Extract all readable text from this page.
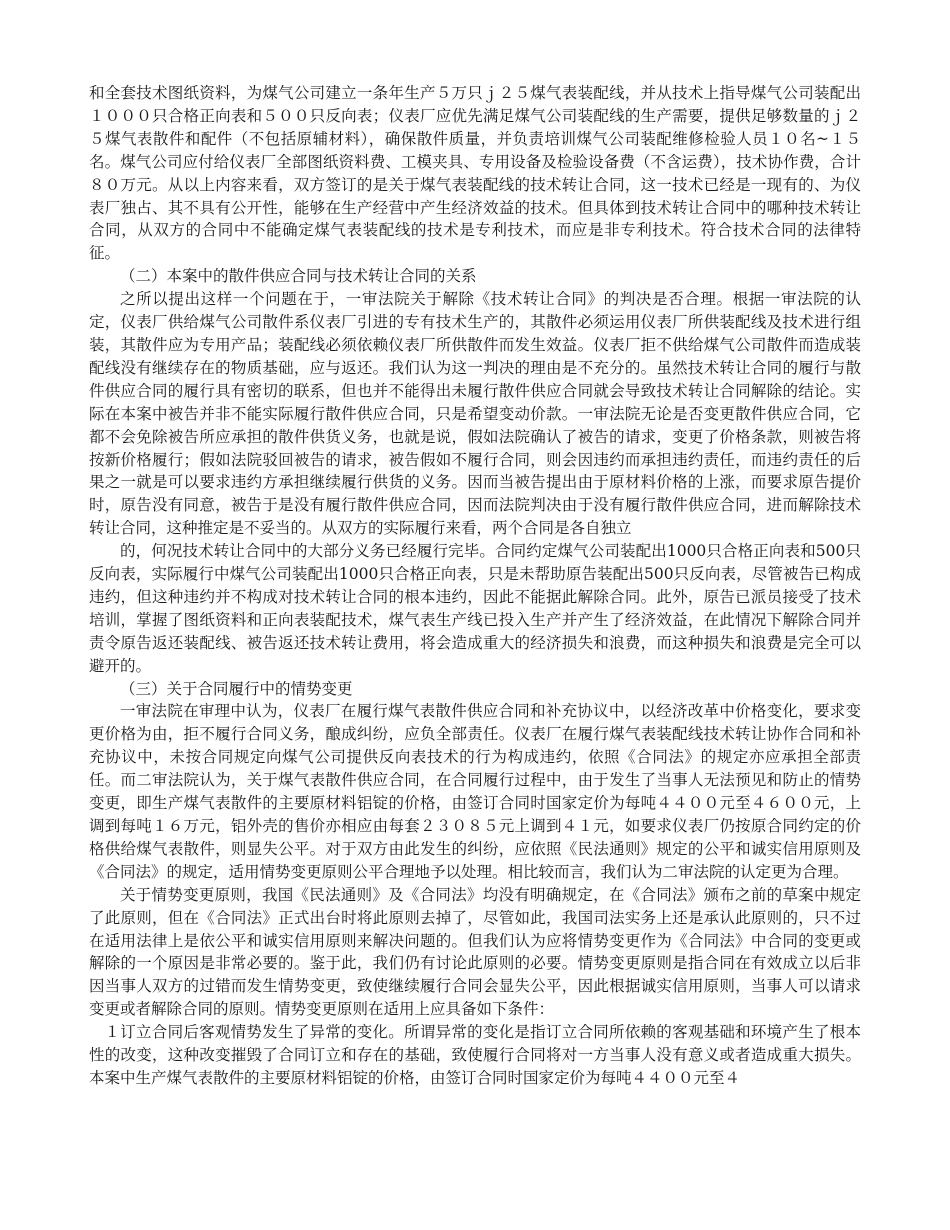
和全套技术图纸资料，为煤气公司建立一条年生产５万只ｊ２５煤气表装配线，并从技术上指导煤气公司装配出１０００只合格正向表和５００只反向表；仪表厂应优先满足煤气公司装配线的生产需要，提供足够数量的ｊ２５煤气表散件和配件（不包括原辅材料），确保散件质量，并负责培训煤气公司装配维修检验人员１０名~１５名。煤气公司应付给仪表厂全部图纸资料费、工模夹具、专用设备及检验设备费（不含运费），技术协作费，合计８０万元。从以上内容来看，双方签订的是关于煤气表装配线的技术转让合同，这一技术已经是一现有的、为仪表厂独占、其不具有公开性，能够在生产经营中产生经济效益的技术。但具体到技术转让合同中的哪种技术转让合同，从双方的合同中不能确定煤气表装配线的技术是专利技术，而应是非专利技术。符合技术合同的法律特征。

（二）本案中的散件供应合同与技术转让合同的关系

之所以提出这样一个问题在于，一审法院关于解除《技术转让合同》的判决是否合理。根据一审法院的认定，仪表厂供给煤气公司散件系仪表厂引进的专有技术生产的，其散件必须运用仪表厂所供装配线及技术进行组装，其散件应为专用产品；装配线必须依赖仪表厂所供散件而发生效益。仪表厂拒不供给煤气公司散件而造成装配线没有继续存在的物质基础，应与返还。我们认为这一判决的理由是不充分的。虽然技术转让合同的履行与散件供应合同的履行具有密切的联系，但也并不能得出未履行散件供应合同就会导致技术转让合同解除的结论。实际在本案中被告并非不能实际履行散件供应合同，只是希望变动价款。一审法院无论是否变更散件供应合同，它都不会免除被告所应承担的散件供货义务，也就是说，假如法院确认了被告的请求，变更了价格条款，则被告将按新价格履行；假如法院驳回被告的请求，被告假如不履行合同，则会因违约而承担违约责任，而违约责任的后果之一就是可以要求违约方承担继续履行供货的义务。因而当被告提出由于原材料价格的上涨，而要求原告提价时，原告没有同意，被告于是没有履行散件供应合同，因而法院判决由于没有履行散件供应合同，进而解除技术转让合同，这种推定是不妥当的。从双方的实际履行来看，两个合同是各自独立

的，何况技术转让合同中的大部分义务已经履行完毕。合同约定煤气公司装配出1000只合格正向表和500只反向表，实际履行中煤气公司装配出1000只合格正向表，只是未帮助原告装配出500只反向表，尽管被告已构成违约，但这种违约并不构成对技术转让合同的根本违约，因此不能据此解除合同。此外，原告已派员接受了技术培训，掌握了图纸资料和正向表装配技术，煤气表生产线已投入生产并产生了经济效益，在此情况下解除合同并责令原告返还装配线、被告返还技术转让费用，将会造成重大的经济损失和浪费，而这种损失和浪费是完全可以避开的。

（三）关于合同履行中的情势变更

一审法院在审理中认为，仪表厂在履行煤气表散件供应合同和补充协议中，以经济改革中价格变化，要求变更价格为由，拒不履行合同义务，酿成纠纷，应负全部责任。仪表厂在履行煤气表装配线技术转让协作合同和补充协议中，未按合同规定向煤气公司提供反向表技术的行为构成违约，依照《合同法》的规定亦应承担全部责任。而二审法院认为，关于煤气表散件供应合同，在合同履行过程中，由于发生了当事人无法预见和防止的情势变更，即生产煤气表散件的主要原材料铝锭的价格，由签订合同时国家定价为每吨４４００元至４６００元，上调到每吨１６万元，铝外壳的售价亦相应由每套２３０８５元上调到４１元，如要求仪表厂仍按原合同约定的价格供给煤气表散件，则显失公平。对于双方由此发生的纠纷，应依照《民法通则》规定的公平和诚实信用原则及《合同法》的规定，适用情势变更原则公平合理地予以处理。相比较而言，我们认为二审法院的认定更为合理。

关于情势变更原则，我国《民法通则》及《合同法》均没有明确规定，在《合同法》颁布之前的草案中规定了此原则，但在《合同法》正式出台时将此原则去掉了，尽管如此，我国司法实务上还是承认此原则的，只不过在适用法律上是依公平和诚实信用原则来解决问题的。但我们认为应将情势变更作为《合同法》中合同的变更或解除的一个原因是非常必要的。鉴于此，我们仍有讨论此原则的必要。情势变更原则是指合同在有效成立以后非因当事人双方的过错而发生情势变更，致使继续履行合同会显失公平，因此根据诚实信用原则，当事人可以请求变更或者解除合同的原则。情势变更原则在适用上应具备如下条件：

１订立合同后客观情势发生了异常的变化。所谓异常的变化是指订立合同所依赖的客观基础和环境产生了根本性的改变，这种改变摧毁了合同订立和存在的基础，致使履行合同将对一方当事人没有意义或者造成重大损失。本案中生产煤气表散件的主要原材料铝锭的价格，由签订合同时国家定价为每吨４４００元至４
